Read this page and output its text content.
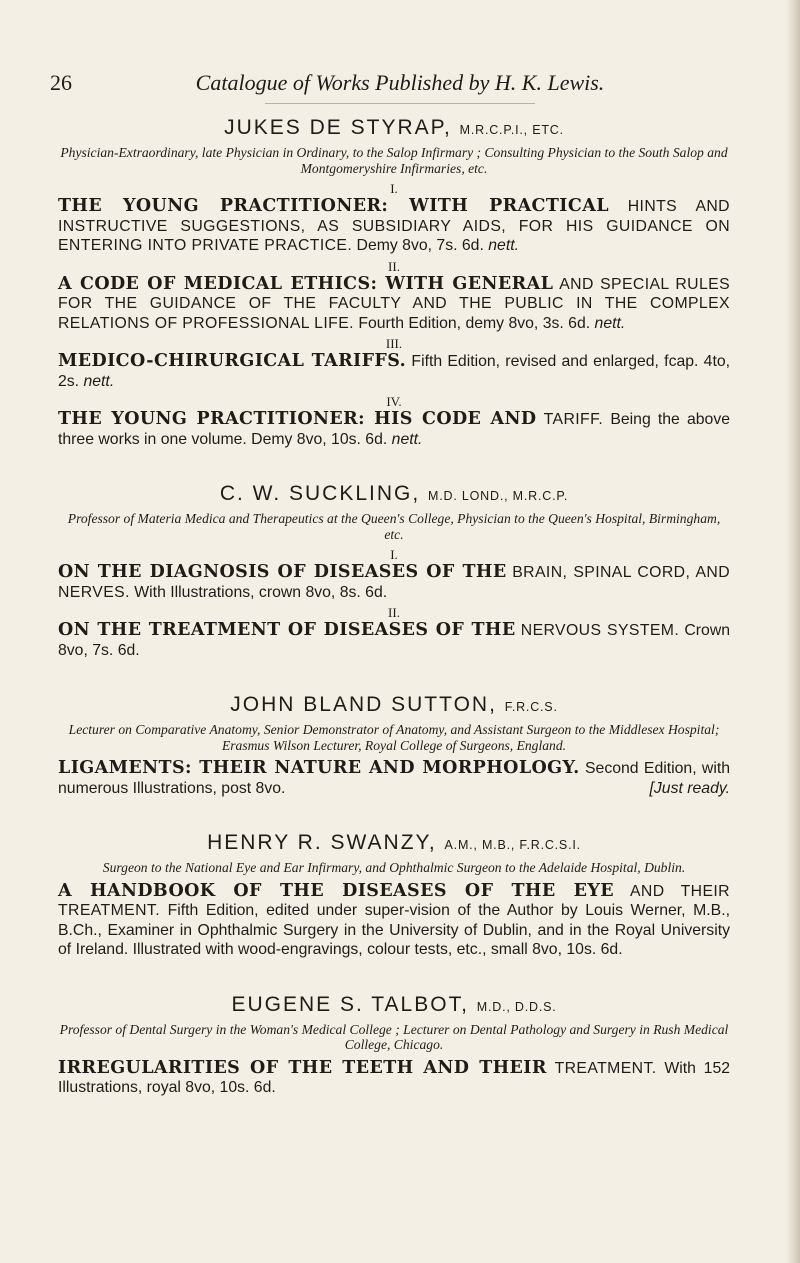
26	Catalogue of Works Published by H. K. Lewis.
JUKES DE STYRAP, M.R.C.P.I., ETC.

Physician-Extraordinary, late Physician in Ordinary, to the Salop Infirmary ; Consulting Physician to the South Salop and Montgomeryshire Infirmaries, etc.

I.

THE YOUNG PRACTITIONER: WITH PRACTICAL HINTS AND INSTRUCTIVE SUGGESTIONS, AS SUBSIDIARY AIDS, FOR HIS GUIDANCE ON ENTERING INTO PRIVATE PRACTICE. Demy 8vo, 7s. 6d. nett.

II.

A CODE OF MEDICAL ETHICS: WITH GENERAL AND SPECIAL RULES FOR THE GUIDANCE OF THE FACULTY AND THE PUBLIC IN THE COMPLEX RELATIONS OF PROFESSIONAL LIFE. Fourth Edition, demy 8vo, 3s. 6d. nett.

III.

MEDICO-CHIRURGICAL TARIFFS. Fifth Edition, revised and enlarged, fcap. 4to, 2s. nett.

IV.

THE YOUNG PRACTITIONER: HIS CODE AND TARIFF. Being the above three works in one volume. Demy 8vo, 10s. 6d. nett.

C. W. SUCKLING, M.D. LOND., M.R.C.P.

Professor of Materia Medica and Therapeutics at the Queen's College, Physician to the Queen's Hospital, Birmingham, etc.

I.

ON THE DIAGNOSIS OF DISEASES OF THE BRAIN, SPINAL CORD, AND NERVES. With Illustrations, crown 8vo, 8s. 6d.

II.

ON THE TREATMENT OF DISEASES OF THE NERVOUS SYSTEM. Crown 8vo, 7s. 6d.

JOHN BLAND SUTTON, F.R.C.S.

Lecturer on Comparative Anatomy, Senior Demonstrator of Anatomy, and Assistant Surgeon to the Middlesex Hospital; Erasmus Wilson Lecturer, Royal College of Surgeons, England.

LIGAMENTS: THEIR NATURE AND MORPHOLOGY. Second Edition, with numerous Illustrations, post 8vo.	[Just ready.

HENRY R. SWANZY, A.M., M.B., F.R.C.S.I.

Surgeon to the National Eye and Ear Infirmary, and Ophthalmic Surgeon to the Adelaide Hospital, Dublin.

A HANDBOOK OF THE DISEASES OF THE EYE AND THEIR TREATMENT. Fifth Edition, edited under super-vision of the Author by Louis Werner, M.B., B.Ch., Examiner in Ophthalmic Surgery in the University of Dublin, and in the Royal University of Ireland. Illustrated with wood-engravings, colour tests, etc., small 8vo, 10s. 6d.

EUGENE S. TALBOT, M.D., D.D.S.

Professor of Dental Surgery in the Woman's Medical College ; Lecturer on Dental Pathology and Surgery in Rush Medical College, Chicago.

IRREGULARITIES OF THE TEETH AND THEIR TREATMENT. With 152 Illustrations, royal 8vo, 10s. 6d.
